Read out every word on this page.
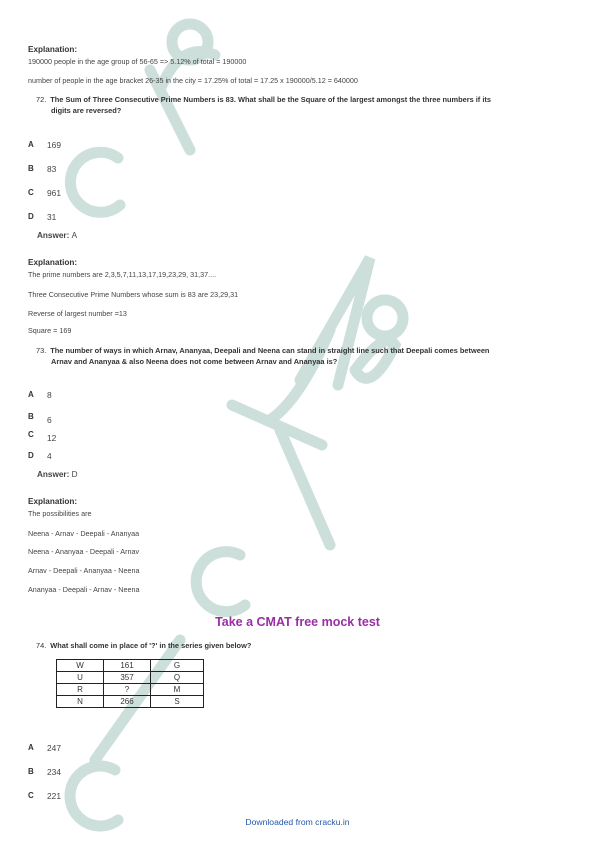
Explanation:
190000 people in the age group of 56-65 => 5.12% of total = 190000
number of people in the age bracket 26-35 in the city = 17.25% of total = 17.25 x 190000/5.12 = 640000
72. The Sum of Three Consecutive Prime Numbers is 83. What shall be the Square of the largest amongst the three numbers if its
digits are reversed?
A 169
B 83
C 961
D 31
Answer: A
Explanation:
The prime numbers are 2,3,5,7,11,13,17,19,23,29, 31,37....
Three Consecutive Prime Numbers whose sum is 83 are 23,29,31
Reverse of largest number =13
Square = 169
73. The number of ways in which Arnav, Ananyaa, Deepali and Neena can stand in straight line such that Deepali comes between
Arnav and Ananyaa & also Neena does not come between Arnav and Ananyaa is?
A 8
B 6
C 12
D 4
Answer: D
Explanation:
The possibilities are
Neena - Arnav - Deepali - Ananyaa
Neena - Ananyaa - Deepali - Arnav
Arnav - Deepali - Ananyaa - Neena
Ananyaa - Deepali - Arnav - Neena
Take a CMAT free mock test
74. What shall come in place of '?' in the series given below?
W	161	G
U	357	Q
R	?	M
N	266	S
A 247
B 234
C 221
Downloaded from cracku.in
